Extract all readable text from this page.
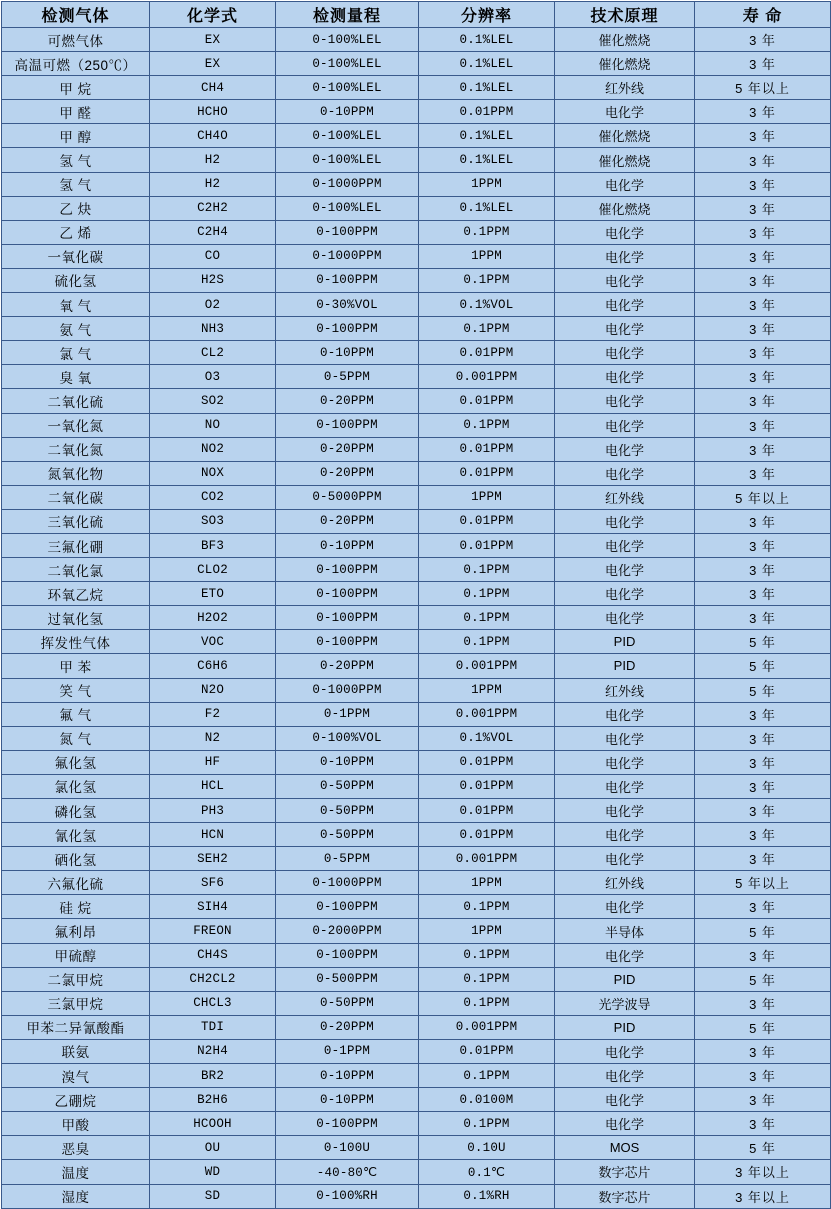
检测气体	化学式	检测量程	分辨率	技术原理	寿 命
可燃气体	EX	0-100%LEL	0.1%LEL	催化燃烧	3 年
高温可燃（250℃）	EX	0-100%LEL	0.1%LEL	催化燃烧	3 年
甲 烷	CH4	0-100%LEL	0.1%LEL	红外线	5 年以上
甲 醛	HCHO	0-10PPM	0.01PPM	电化学	3 年
甲 醇	CH4O	0-100%LEL	0.1%LEL	催化燃烧	3 年
氢 气	H2	0-100%LEL	0.1%LEL	催化燃烧	3 年
氢 气	H2	0-1000PPM	1PPM	电化学	3 年
乙 炔	C2H2	0-100%LEL	0.1%LEL	催化燃烧	3 年
乙 烯	C2H4	0-100PPM	0.1PPM	电化学	3 年
一氧化碳	CO	0-1000PPM	1PPM	电化学	3 年
硫化氢	H2S	0-100PPM	0.1PPM	电化学	3 年
氧 气	O2	0-30%VOL	0.1%VOL	电化学	3 年
氨 气	NH3	0-100PPM	0.1PPM	电化学	3 年
氯 气	CL2	0-10PPM	0.01PPM	电化学	3 年
臭 氧	O3	0-5PPM	0.001PPM	电化学	3 年
二氧化硫	SO2	0-20PPM	0.01PPM	电化学	3 年
一氧化氮	NO	0-100PPM	0.1PPM	电化学	3 年
二氧化氮	NO2	0-20PPM	0.01PPM	电化学	3 年
氮氧化物	NOX	0-20PPM	0.01PPM	电化学	3 年
二氧化碳	CO2	0-5000PPM	1PPM	红外线	5 年以上
三氧化硫	SO3	0-20PPM	0.01PPM	电化学	3 年
三氟化硼	BF3	0-10PPM	0.01PPM	电化学	3 年
二氧化氯	CLO2	0-100PPM	0.1PPM	电化学	3 年
环氧乙烷	ETO	0-100PPM	0.1PPM	电化学	3 年
过氧化氢	H2O2	0-100PPM	0.1PPM	电化学	3 年
挥发性气体	VOC	0-100PPM	0.1PPM	PID	5 年
甲 苯	C6H6	0-20PPM	0.001PPM	PID	5 年
笑 气	N2O	0-1000PPM	1PPM	红外线	5 年
氟 气	F2	0-1PPM	0.001PPM	电化学	3 年
氮 气	N2	0-100%VOL	0.1%VOL	电化学	3 年
氟化氢	HF	0-10PPM	0.01PPM	电化学	3 年
氯化氢	HCL	0-50PPM	0.01PPM	电化学	3 年
磷化氢	PH3	0-50PPM	0.01PPM	电化学	3 年
氰化氢	HCN	0-50PPM	0.01PPM	电化学	3 年
硒化氢	SEH2	0-5PPM	0.001PPM	电化学	3 年
六氟化硫	SF6	0-1000PPM	1PPM	红外线	5 年以上
硅 烷	SIH4	0-100PPM	0.1PPM	电化学	3 年
氟利昂	FREON	0-2000PPM	1PPM	半导体	5 年
甲硫醇	CH4S	0-100PPM	0.1PPM	电化学	3 年
二氯甲烷	CH2CL2	0-500PPM	0.1PPM	PID	5 年
三氯甲烷	CHCL3	0-50PPM	0.1PPM	光学波导	3 年
甲苯二异氰酸酯	TDI	0-20PPM	0.001PPM	PID	5 年
联氨	N2H4	0-1PPM	0.01PPM	电化学	3 年
溴气	BR2	0-10PPM	0.1PPM	电化学	3 年
乙硼烷	B2H6	0-10PPM	0.0100M	电化学	3 年
甲酸	HCOOH	0-100PPM	0.1PPM	电化学	3 年
恶臭	OU	0-100U	0.10U	MOS	5 年
温度	WD	-40-80℃	0.1℃	数字芯片	3 年以上
湿度	SD	0-100%RH	0.1%RH	数字芯片	3 年以上
